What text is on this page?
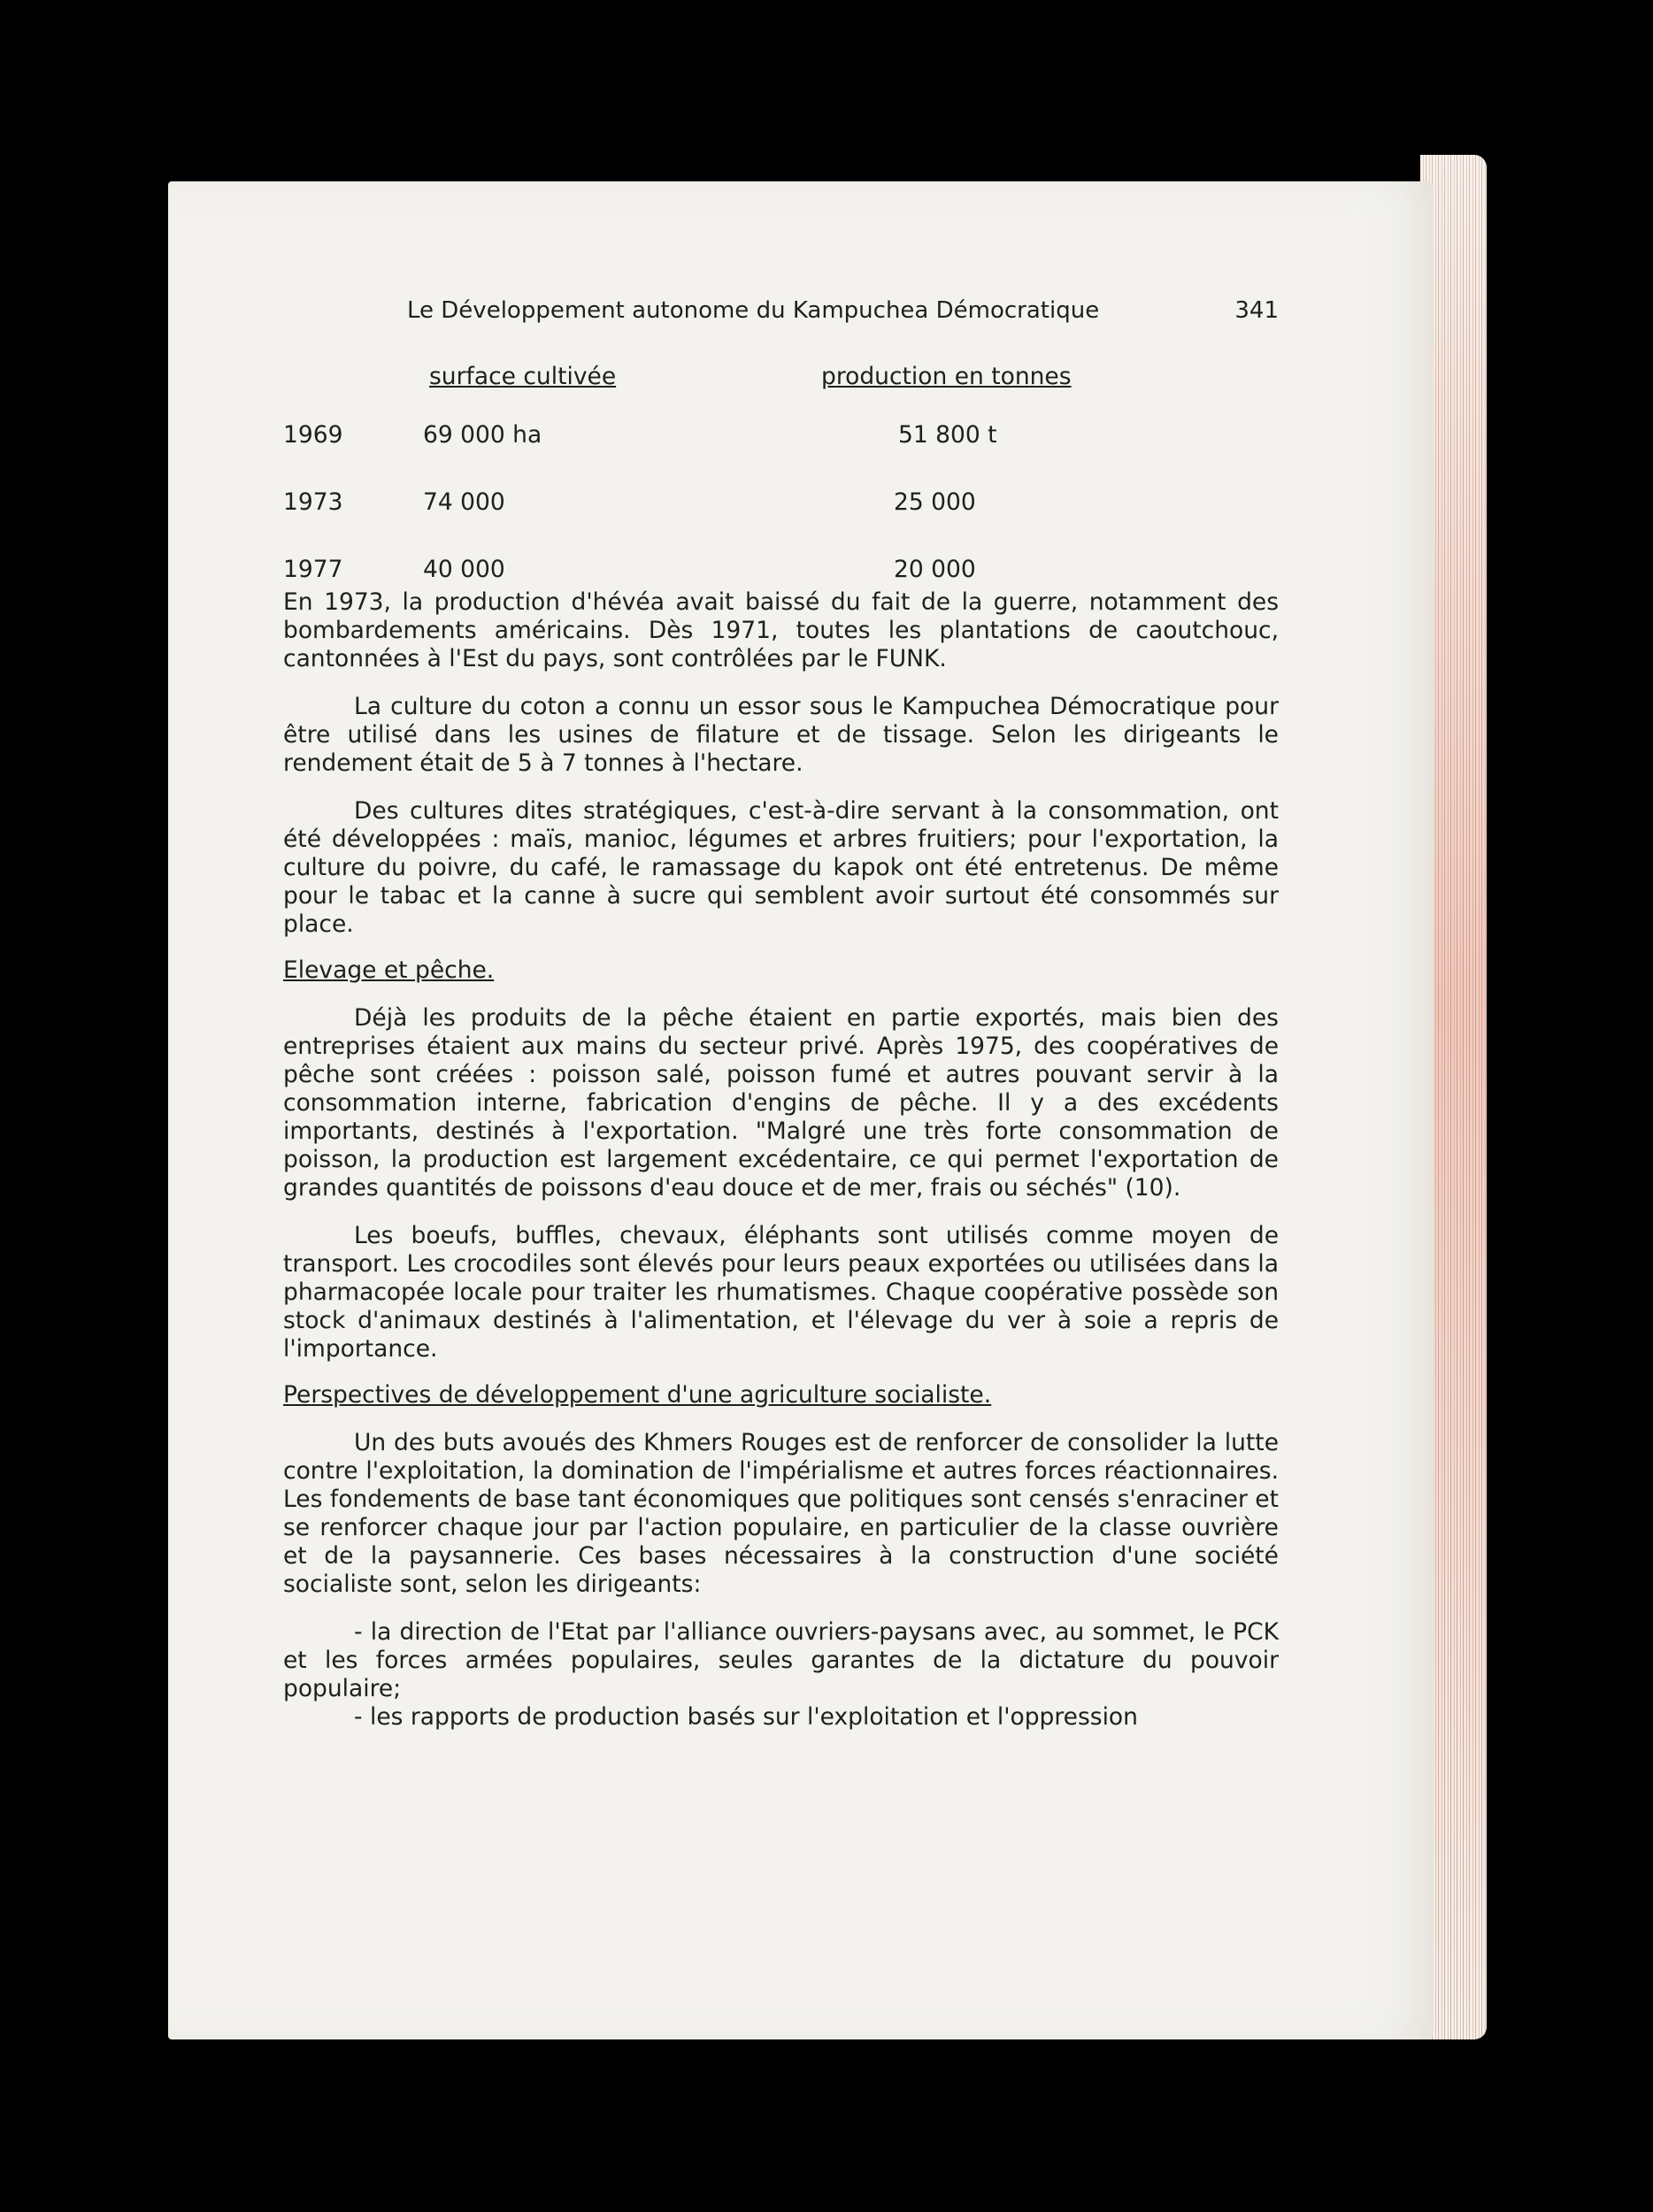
Le Développement autonome du Kampuchea Démocratique	341
surface cultivée	production en tonnes
1969	69 000 ha	51 800 t
1973	74 000	25 000
1977	40 000	20 000

En 1973, la production d'hévéa avait baissé du fait de la guerre, notamment des bombardements américains. Dès 1971, toutes les plantations de caoutchouc, cantonnées à l'Est du pays, sont contrôlées par le FUNK.

La culture du coton a connu un essor sous le Kampuchea Démocratique pour être utilisé dans les usines de filature et de tissage. Selon les dirigeants le rendement était de 5 à 7 tonnes à l'hectare.

Des cultures dites stratégiques, c'est-à-dire servant à la consommation, ont été développées : maïs, manioc, légumes et arbres fruitiers; pour l'exportation, la culture du poivre, du café, le ramassage du kapok ont été entretenus. De même pour le tabac et la canne à sucre qui semblent avoir surtout été consommés sur place.

Elevage et pêche.

Déjà les produits de la pêche étaient en partie exportés, mais bien des entreprises étaient aux mains du secteur privé. Après 1975, des coopératives de pêche sont créées : poisson salé, poisson fumé et autres pouvant servir à la consommation interne, fabrication d'engins de pêche. Il y a des excédents importants, destinés à l'exportation. "Malgré une très forte consommation de poisson, la production est largement excédentaire, ce qui permet l'exportation de grandes quantités de poissons d'eau douce et de mer, frais ou séchés" (10).

Les boeufs, buffles, chevaux, éléphants sont utilisés comme moyen de transport. Les crocodiles sont élevés pour leurs peaux exportées ou utilisées dans la pharmacopée locale pour traiter les rhumatismes. Chaque coopérative possède son stock d'animaux destinés à l'alimentation, et l'élevage du ver à soie a repris de l'importance.

Perspectives de développement d'une agriculture socialiste.

Un des buts avoués des Khmers Rouges est de renforcer de consolider la lutte contre l'exploitation, la domination de l'impérialisme et autres forces réactionnaires. Les fondements de base tant économiques que politiques sont censés s'enraciner et se renforcer chaque jour par l'action populaire, en particulier de la classe ouvrière et de la paysannerie. Ces bases nécessaires à la construction d'une société socialiste sont, selon les dirigeants:

- la direction de l'Etat par l'alliance ouvriers-paysans avec, au sommet, le PCK et les forces armées populaires, seules garantes de la dictature du pouvoir populaire;

- les rapports de production basés sur l'exploitation et l'oppression
